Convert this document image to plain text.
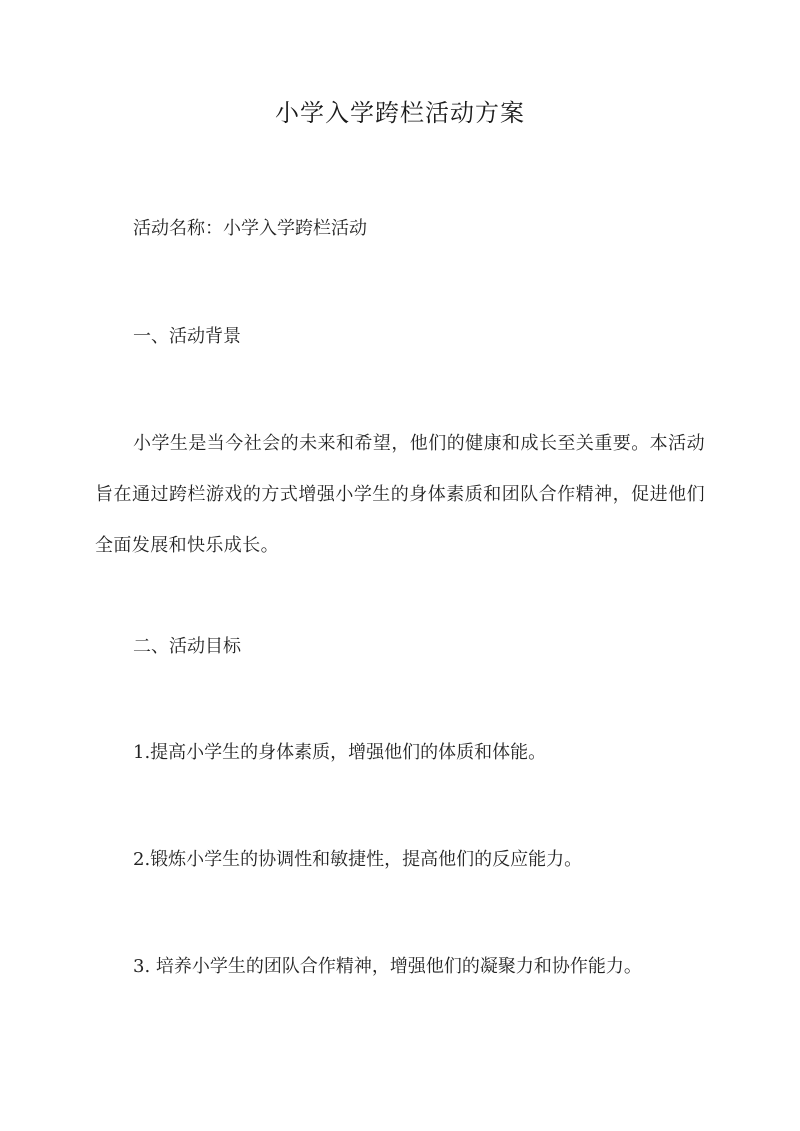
小学入学跨栏活动方案
活动名称：小学入学跨栏活动
一、活动背景
小学生是当今社会的未来和希望，他们的健康和成长至关重要。本活动旨在通过跨栏游戏的方式增强小学生的身体素质和团队合作精神，促进他们全面发展和快乐成长。
二、活动目标
1.提高小学生的身体素质，增强他们的体质和体能。
2.锻炼小学生的协调性和敏捷性，提高他们的反应能力。
3. 培养小学生的团队合作精神，增强他们的凝聚力和协作能力。
